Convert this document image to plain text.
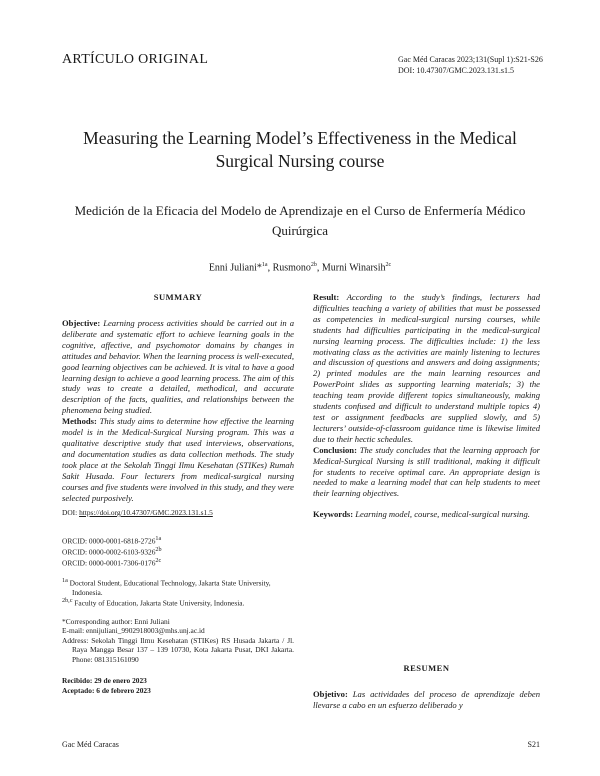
ARTÍCULO ORIGINAL	Gac Méd Caracas 2023;131(Supl 1):S21-S26
DOI: 10.47307/GMC.2023.131.s1.5
Measuring the Learning Model’s Effectiveness in the Medical Surgical Nursing course
Medición de la Eficacia del Modelo de Aprendizaje en el Curso de Enfermería Médico Quirúrgica
Enni Juliani*$^{1a}$, Rusmono$^{2b}$, Murni Winarsih$^{2c}$
SUMMARY
Objective: Learning process activities should be carried out in a deliberate and systematic effort to achieve learning goals in the cognitive, affective, and psychomotor domains by changes in attitudes and behavior. When the learning process is well-executed, good learning objectives can be achieved. It is vital to have a good learning design to achieve a good learning process. The aim of this study was to create a detailed, methodical, and accurate description of the facts, qualities, and relationships between the phenomena being studied.
Methods: This study aims to determine how effective the learning model is in the Medical-Surgical Nursing program. This was a qualitative descriptive study that used interviews, observations, and documentation studies as data collection methods. The study took place at the Sekolah Tinggi Ilmu Kesehatan (STIKes) Rumah Sakit Husada. Four lecturers from medical-surgical nursing courses and five students were involved in this study, and they were selected purposively.

DOI: https://doi.org/10.47307/GMC.2023.131.s1.5

ORCID: $0000-0001-6818-2726^{1a}$

ORCID: $0000-0002-6103-9326^{2b}$

ORCID: $0000-0001-7306-0176^{2c}$

$^{1a}$ Doctoral Student, Educational Technology, Jakarta State University, Indonesia.

$^{2b,c}$ Faculty of Education, Jakarta State University, Indonesia.

*Corresponding author: Enni Juliani

E-mail: ennijuliani_9902918003@mhs.unj.ac.id

Address: Sekolah Tinggi Ilmu Kesehatan (STIKes) RS Husada Jakarta / Jl. Raya Mangga Besar 137 – 139 10730, Kota Jakarta Pusat, DKI Jakarta. Phone: 081315161090

Recibido: 29 de enero 2023

Aceptado: 6 de febrero 2023

Result: According to the study’s findings, lecturers had difficulties teaching a variety of abilities that must be possessed as competencies in medical-surgical nursing courses, while students had difficulties participating in the medical-surgical nursing learning process. The difficulties include: 1) the less motivating class as the activities are mainly listening to lectures and discussion of questions and answers and doing assignments; 2) printed modules are the main learning resources and PowerPoint slides as supporting learning materials; 3) the teaching team provide different topics simultaneously, making students confused and difficult to understand multiple topics 4) test or assignment feedbacks are supplied slowly, and 5) lecturers’ outside-of-classroom guidance time is likewise limited due to their hectic schedules.
Conclusion: The study concludes that the learning approach for Medical-Surgical Nursing is still traditional, making it difficult for students to receive optimal care. An appropriate design is needed to make a learning model that can help students to meet their learning objectives.
Keywords: Learning model, course, medical-surgical nursing.
RESUMEN
Objetivo: Las actividades del proceso de aprendizaje deben llevarse a cabo en un esfuerzo deliberado y
Gac Méd Caracas	S21
